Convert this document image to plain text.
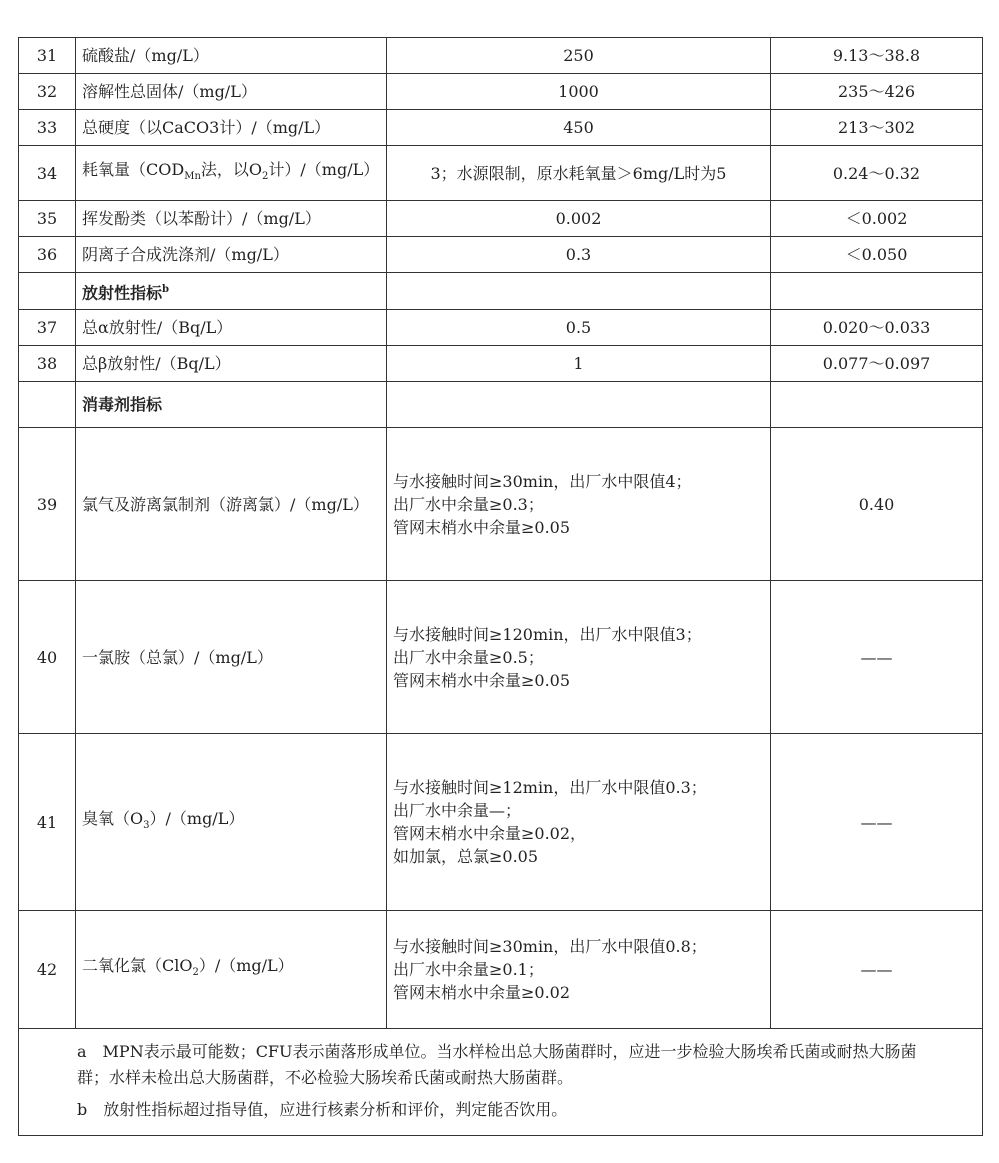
31	硫酸盐/（mg/L）	250	9.13～38.8
32	溶解性总固体/（mg/L）	1000	235～426
33	总硬度（以CaCO3计）/（mg/L）	450	213～302
34	耗氧量（$COD_{Mn}$法，以$O_2$计）/（mg/L）	3；水源限制，原水耗氧量＞6mg/L时为5	0.24～0.32
35	挥发酚类（以苯酚计）/（mg/L）	0.002	＜0.002
36	阴离子合成洗涤剂/（mg/L）	0.3	＜0.050
	放射性指标$^b$		
37	总α放射性/（Bq/L）	0.5	0.020～0.033
38	总β放射性/（Bq/L）	1	0.077～0.097
	消毒剂指标		
39	氯气及游离氯制剂（游离氯）/（mg/L）	与水接触时间≥30min，出厂水中限值4；
出厂水中余量≥0.3；
管网末梢水中余量≥0.05	0.40
40	一氯胺（总氯）/（mg/L）	与水接触时间≥120min，出厂水中限值3；
出厂水中余量≥0.5；
管网末梢水中余量≥0.05	——
41	臭氧$(O_3)/(mg/L)$	与水接触时间≥12min，出厂水中限值0.3；
出厂水中余量—；
管网末梢水中余量≥0.02，
如加氯，总氯≥0.05	——
42	二氧化氯（ClO$_2$）/（mg/L）	与水接触时间≥30min，出厂水中限值0.8；
出厂水中余量≥0.1；
管网末梢水中余量≥0.02	——

a　MPN表示最可能数；CFU表示菌落形成单位。当水样检出总大肠菌群时，应进一步检验大肠埃希氏菌或耐热大肠菌群；水样未检出总大肠菌群，不必检验大肠埃希氏菌或耐热大肠菌群。

b　放射性指标超过指导值，应进行核素分析和评价，判定能否饮用。			
